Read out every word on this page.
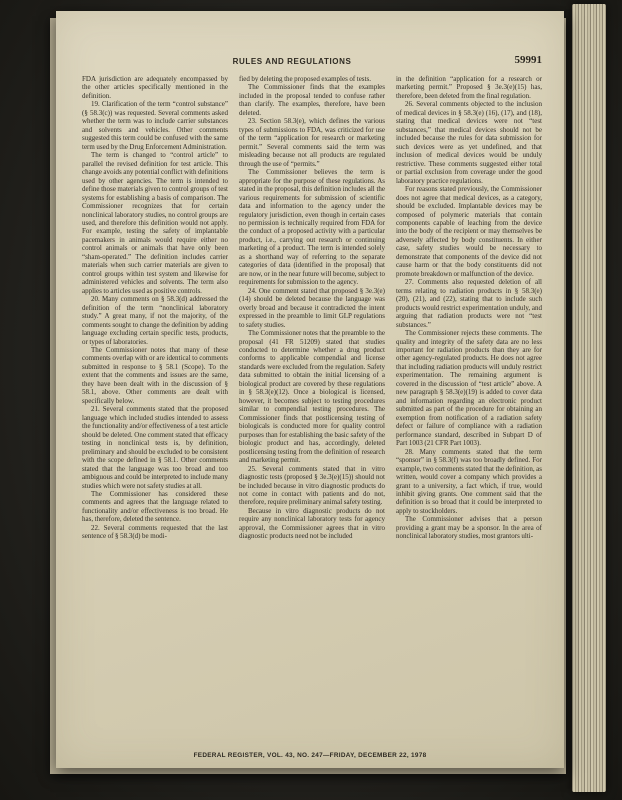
RULES AND REGULATIONS	59991

FDA jurisdiction are adequately encompassed by the other articles specifically mentioned in the definition.

19. Clarification of the term “control substance” (§ 58.3(c)) was requested. Several comments asked whether the term was to include carrier substances and solvents and vehicles. Other comments suggested this term could be confused with the same term used by the Drug Enforcement Administration.

The term is changed to “control article” to parallel the revised definition for test article. This change avoids any potential conflict with definitions used by other agencies. The term is intended to define those materials given to control groups of test systems for establishing a basis of comparison. The Commissioner recognizes that for certain nonclinical laboratory studies, no control groups are used, and therefore this definition would not apply. For example, testing the safety of implantable pacemakers in animals would require either no control animals or animals that have only been “sham-operated.” The definition includes carrier materials when such carrier materials are given to control groups within test system and likewise for administered vehicles and solvents. The term also applies to articles used as positive controls.

20. Many comments on § 58.3(d) addressed the definition of the term “nonclinical laboratory study.” A great many, if not the majority, of the comments sought to change the definition by adding language excluding certain specific tests, products, or types of laboratories.

The Commissioner notes that many of these comments overlap with or are identical to comments submitted in response to § 58.1 (Scope). To the extent that the comments and issues are the same, they have been dealt with in the discussion of § 58.1, above. Other comments are dealt with specifically below.

21. Several comments stated that the proposed language which included studies intended to assess the functionality and/or effectiveness of a test article should be deleted. One comment stated that efficacy testing in nonclinical tests is, by definition, preliminary and should be excluded to be consistent with the scope defined in § 58.1. Other comments stated that the language was too broad and too ambiguous and could be interpreted to include many studies which were not safety studies at all.

The Commissioner has considered these comments and agrees that the language related to functionality and/or effectiveness is too broad. He has, therefore, deleted the sentence.

22. Several comments requested that the last sentence of § 58.3(d) be modi-

fied by deleting the proposed examples of tests.

The Commissioner finds that the examples included in the proposal tended to confuse rather than clarify. The examples, therefore, have been deleted.

23. Section 58.3(e), which defines the various types of submissions to FDA, was criticized for use of the term “application for research or marketing permit.” Several comments said the term was misleading because not all products are regulated through the use of “permits.”

The Commissioner believes the term is appropriate for the purpose of these regulations. As stated in the proposal, this definition includes all the various requirements for submission of scientific data and information to the agency under the regulatory jurisdiction, even though in certain cases no permission is technically required from FDA for the conduct of a proposed activity with a particular product, i.e., carrying out research or continuing marketing of a product. The term is intended solely as a shorthand way of referring to the separate categories of data (identified in the proposal) that are now, or in the near future will become, subject to requirements for submission to the agency.

24. One comment stated that proposed § 3e.3(e)(14) should be deleted because the language was overly broad and because it contradicted the intent expressed in the preamble to limit GLP regulations to safety studies.

The Commissioner notes that the preamble to the proposal (41 FR 51209) stated that studies conducted to determine whether a drug product conforms to applicable compendial and license standards were excluded from the regulation. Safety data submitted to obtain the initial licensing of a biological product are covered by these regulations in § 58.3(e)(12). Once a biological is licensed, however, it becomes subject to testing procedures similar to compendial testing procedures. The Commissioner finds that postlicensing testing of biologicals is conducted more for quality control purposes than for establishing the basic safety of the biologic product and has, accordingly, deleted postlicensing testing from the definition of research and marketing permit.

25. Several comments stated that in vitro diagnostic tests (proposed § 3e.3(e)(15)) should not be included because in vitro diagnostic products do not come in contact with patients and do not, therefore, require preliminary animal safety testing.

Because in vitro diagnostic products do not require any nonclinical laboratory tests for agency approval, the Commissioner agrees that in vitro diagnostic products need not be included

in the definition “application for a research or marketing permit.” Proposed § 3e.3(e)(15) has, therefore, been deleted from the final regulation.

26. Several comments objected to the inclusion of medical devices in § 58.3(e) (16), (17), and (18), stating that medical devices were not “test substances,” that medical devices should not be included because the rules for data submission for such devices were as yet undefined, and that inclusion of medical devices would be unduly restrictive. These comments suggested either total or partial exclusion from coverage under the good laboratory practice regulations.

For reasons stated previously, the Commissioner does not agree that medical devices, as a category, should be excluded. Implantable devices may be composed of polymeric materials that contain components capable of leaching from the device into the body of the recipient or may themselves be adversely affected by body constituents. In either case, safety studies would be necessary to demonstrate that components of the device did not cause harm or that the body constituents did not promote breakdown or malfunction of the device.

27. Comments also requested deletion of all terms relating to radiation products in § 58.3(e) (20), (21), and (22), stating that to include such products would restrict experimentation unduly, and arguing that radiation products were not “test substances.”

The Commissioner rejects these comments. The quality and integrity of the safety data are no less important for radiation products than they are for other agency-regulated products. He does not agree that including radiation products will unduly restrict experimentation. The remaining argument is covered in the discussion of “test article” above. A new paragraph § 58.3(e)(19) is added to cover data and information regarding an electronic product submitted as part of the procedure for obtaining an exemption from notification of a radiation safety defect or failure of compliance with a radiation performance standard, described in Subpart D of Part 1003 (21 CFR Part 1003).

28. Many comments stated that the term “sponsor” in § 58.3(f) was too broadly defined. For example, two comments stated that the definition, as written, would cover a company which provides a grant to a university, a fact which, if true, would inhibit giving grants. One comment said that the definition is so broad that it could be interpreted to apply to stockholders.

The Commissioner advises that a person providing a grant may be a sponsor. In the area of nonclinical laboratory studies, most grantors ulti-

FEDERAL REGISTER, VOL. 43, NO. 247—FRIDAY, DECEMBER 22, 1978
